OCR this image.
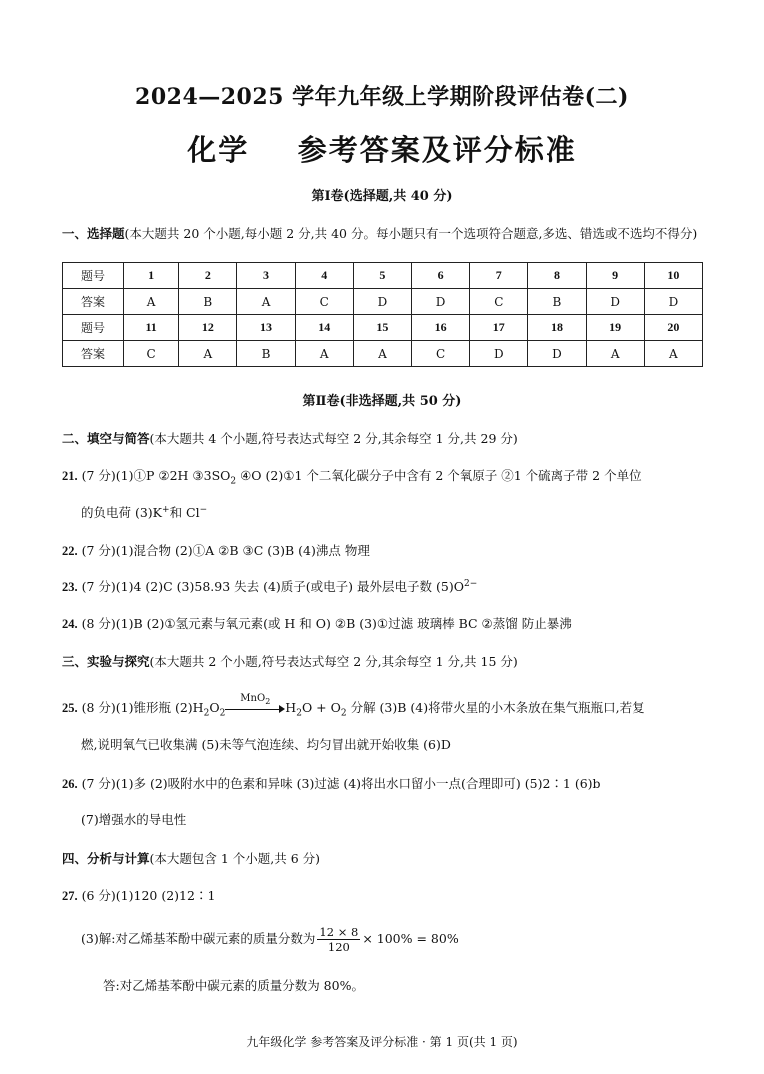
2024—2025 学年九年级上学期阶段评估卷(二)
化学 参考答案及评分标准
第Ⅰ卷(选择题,共 40 分)
一、选择题(本大题共 20 个小题,每小题 2 分,共 40 分。每小题只有一个选项符合题意,多选、错选或不选均不得分)
题号	1	2	3	4	5	6	7	8	9	10
答案	A	B	A	C	D	D	C	B	D	D
题号	11	12	13	14	15	16	17	18	19	20
答案	C	A	B	A	A	C	D	D	A	A
第Ⅱ卷(非选择题,共 50 分)
二、填空与简答(本大题共 4 个小题,符号表达式每空 2 分,其余每空 1 分,共 29 分)
21. (7 分)(1)①P ②2H $③3SO_2$ ④O (2)①1 个二氧化碳分子中含有 2 个氧原子 ②1 个硫离子带 2 个单位
的负电荷 (3)K+和 Cl−
22. (7 分)(1)混合物 (2)①A ②B ③C (3)B (4)沸点 物理
23. (7 分)(1)4 (2)C (3)58.93 失去 (4)质子(或电子) 最外层电子数 $(5)O^{2-}$
24. (8 分)(1)B (2)①氢元素与氧元素(或 H 和 O) ②B (3)①过滤 玻璃棒 BC ②蒸馏 防止暴沸
三、实验与探究(本大题共 2 个小题,符号表达式每空 2 分,其余每空 1 分,共 15 分)
25. (8 分)(1)锥形瓶 $(2)H_2O_2$
MnO$_2$	$H_2O + O_2$ 分解 (3)B (4)将带火星的小木条放在集气瓶瓶口,若复
燃,说明氧气已收集满 (5)未等气泡连续、均匀冒出就开始收集 (6)D
26. (7 分)(1)多 (2)吸附水中的色素和异味 (3)过滤 (4)将出水口留小一点(合理即可) (5)2∶1 (6)b
(7)增强水的导电性
四、分析与计算(本大题包含 1 个小题,共 6 分)
27. (6 分)(1)120 (2)12∶1
(3)解:对乙烯基苯酚中碳元素的质量分数为 $\frac{12 \times 8}{120} \times 100\% = 80\%$
答:对乙烯基苯酚中碳元素的质量分数为 80%。
九年级化学 参考答案及评分标准 · 第 1 页(共 1 页)
